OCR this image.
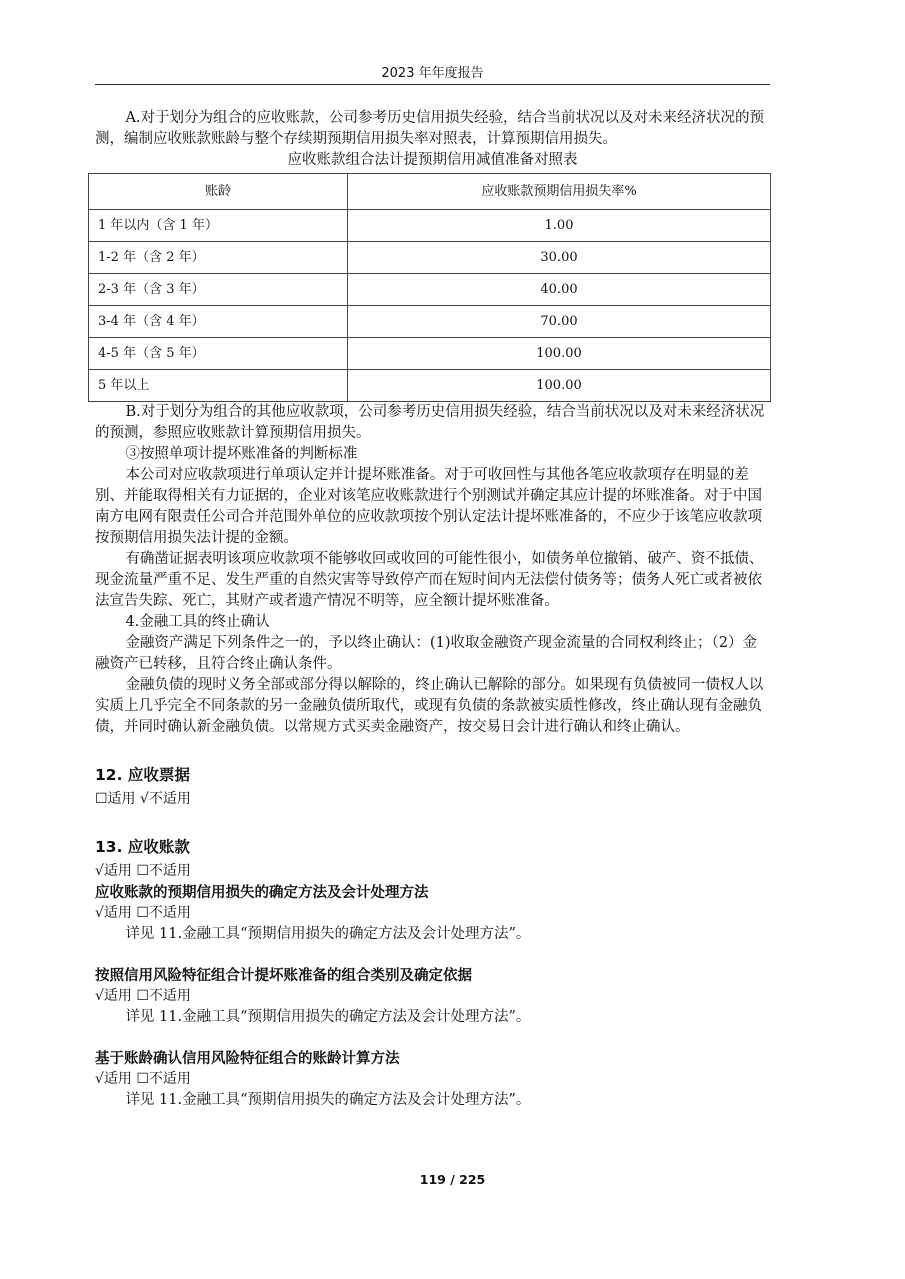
2023 年年度报告

A.对于划分为组合的应收账款，公司参考历史信用损失经验，结合当前状况以及对未来经济状况的预测，编制应收账款账龄与整个存续期预期信用损失率对照表，计算预期信用损失。

应收账款组合法计提预期信用减值准备对照表

账龄	应收账款预期信用损失率%
1 年以内（含 1 年）	1.00
1-2 年（含 2 年）	30.00
2-3 年（含 3 年）	40.00
3-4 年（含 4 年）	70.00
4-5 年（含 5 年）	100.00
5 年以上	100.00

B.对于划分为组合的其他应收款项，公司参考历史信用损失经验，结合当前状况以及对未来经济状况的预测，参照应收账款计算预期信用损失。

③按照单项计提坏账准备的判断标准

本公司对应收款项进行单项认定并计提坏账准备。对于可收回性与其他各笔应收款项存在明显的差别、并能取得相关有力证据的，企业对该笔应收账款进行个别测试并确定其应计提的坏账准备。对于中国南方电网有限责任公司合并范围外单位的应收款项按个别认定法计提坏账准备的，不应少于该笔应收款项按预期信用损失法计提的金额。

有确凿证据表明该项应收款项不能够收回或收回的可能性很小，如债务单位撤销、破产、资不抵债、现金流量严重不足、发生严重的自然灾害等导致停产而在短时间内无法偿付债务等；债务人死亡或者被依法宣告失踪、死亡，其财产或者遗产情况不明等，应全额计提坏账准备。

4.金融工具的终止确认

金融资产满足下列条件之一的，予以终止确认：(1)收取金融资产现金流量的合同权利终止；（2）金融资产已转移，且符合终止确认条件。

金融负债的现时义务全部或部分得以解除的，终止确认已解除的部分。如果现有负债被同一债权人以实质上几乎完全不同条款的另一金融负债所取代，或现有负债的条款被实质性修改，终止确认现有金融负债，并同时确认新金融负债。以常规方式买卖金融资产，按交易日会计进行确认和终止确认。

12. 应收票据

☐适用 √不适用

13. 应收账款

√适用 ☐不适用

应收账款的预期信用损失的确定方法及会计处理方法

√适用 ☐不适用

详见 11.金融工具“预期信用损失的确定方法及会计处理方法”。

按照信用风险特征组合计提坏账准备的组合类别及确定依据

√适用 ☐不适用

详见 11.金融工具“预期信用损失的确定方法及会计处理方法”。

基于账龄确认信用风险特征组合的账龄计算方法

√适用 ☐不适用

详见 11.金融工具“预期信用损失的确定方法及会计处理方法”。

119 / 225
